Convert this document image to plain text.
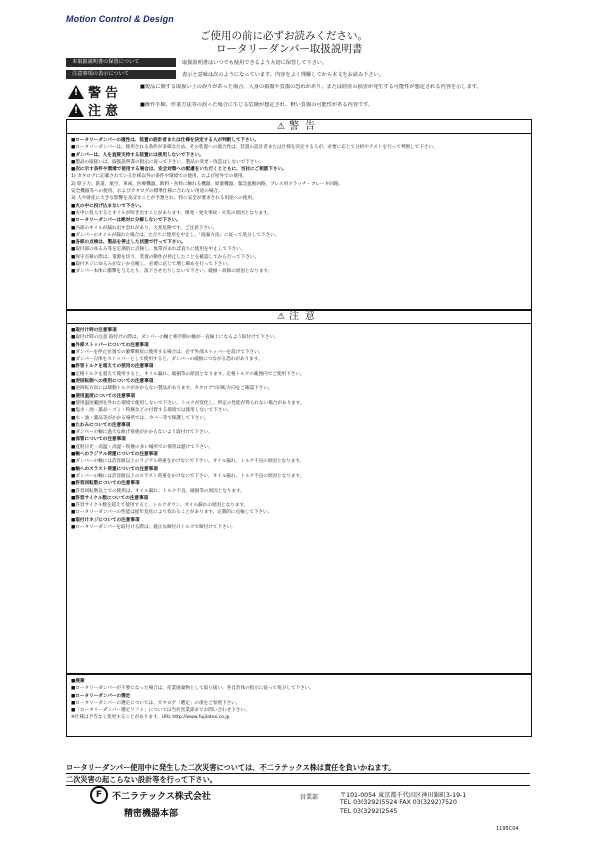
Motion Control & Design
ご使用の前に必ずお読みください。
ロータリーダンパー取扱説明書
本取扱説明書の保管について	取扱説明書はいつでも使用できるよう大切に保管して下さい。
注意事項の表示について	表示と意味は次のようになっています。内容をよく理解してから本文をお読み下さい。
!
警告	■製品に関する取扱い上の誤りがあった場合、人身の損傷や負傷の恐れがあり、または財産の損害が発生する可能性が想定される内容を示します。
!
注意	■操作手順、作業方法等の誤った場合に生じる危険が想定され、軽い負傷の可能性がある内容です。
⚠ 警告
■ロータリーダンパーの適性は、装置の設計者または仕様を決定する人が判断して下さい。
■ロータリーダンパーは、使用される条件が多様なため、その装置への適合性は、装置の設計者または仕様を決定する人が、必要に応じて分析やテストを行って判断して下さい。
■ダンパーは、人を直接支持する装置には使用しないで下さい。
■製品の取扱いは、取扱説明書の指示に従って下さい。製品の変更・改造はしないで下さい。
■次に示す条件や環境で使用する場合は、安全対策への配慮をいただくとともに、当社にご相談下さい。
1) カタログに記載されている仕様以外の条件や環境での使用、および屋外での使用。
2) 原子力、鉄道、航空、車両、医療機器、飲料・食料に触れる機器、娯楽機器、緊急遮断回路、プレス用クラッチ・ブレーキ回路、
安全機器等への使用、およびカタログの標準仕様に合わない用途の場合。
3) 人や財産に大きな影響を及ぼすことが予想され、特に安全が要求される用途への使用。
■火の中に投げ込まないで下さい。
■火中に投入するとオイルが吹き出すことがあります。爆発・発火事故・火災の原因となります。
■ロータリーダンパーは絶対に分解しないで下さい。
■内部のオイルが漏れ出す恐れがあり、大変危険です。ご注意下さい。
■ダンパーのオイルが漏れた場合は、ただちに使用を中止し、「廃棄方法」に従って処分して下さい。
■各部の点検は、製品を停止した状態で行って下さい。
■取付部のゆるみ等を定期的に点検し、異常があれば直ちに使用を中止して下さい。
■保守点検の際は、電源を切り、装置の動作が停止したことを確認してから行って下さい。
■取付ネジにゆるみがないか点検し、必要に応じて増し締めを行って下さい。
■ダンパー本体に衝撃を与えたり、落下させたりしないで下さい。破損・故障の原因となります。
⚠ 注意
■取付け時の注意事項
■取付け時の注意 取付けの際は、ダンパーの軸と相手側の軸が一直線上になるよう取付けて下さい。
■外部ストッパーについての注意事項
■ダンパーを停止位置での衝撃吸収に使用する場合は、必ず外部ストッパーを設けて下さい。
■ダンパー自体をストッパーとして使用すると、ダンパーの破損につながる恐れがあります。
■許容トルクを超えての使用の注意事項
■定格トルクを超えて使用すると、オイル漏れ、破損等の原因となります。定格トルクの範囲内でご使用下さい。
■逆回転側への使用についての注意事項
■逆回転方向には制動トルクがかからない製品があります。カタログで回転方向をご確認下さい。
■使用温度についての注意事項
■使用温度範囲を外れた環境で使用しないで下さい。トルクが変化し、所定の性能が得られない場合があります。
■塩水・油・薬品・ゴミ・粉塵などの付着する環境では使用しないで下さい。
■水・油・薬品等がかかる場所では、カバー等で保護して下さい。
■たわみについての注意事項
■ダンパーの軸に過大な曲げ荷重がかからないよう取付けて下さい。
■保管についての注意事項
■直射日光・高温・高湿・粉塵の多い場所での保管は避けて下さい。
■軸へのラジアル荷重についての注意事項
■ダンパーの軸には許容値以上のラジアル荷重をかけないで下さい。オイル漏れ、トルク不良の原因となります。
■軸へのスラスト荷重についての注意事項
■ダンパーの軸には許容値以上のスラスト荷重をかけないで下さい。オイル漏れ、トルク不良の原因となります。
■許容回転数についての注意事項
■許容回転数以上での使用は、オイル漏れ、トルク不良、破損等の原因となります。
■許容サイクル数についての注意事項
■許容サイクル数を超えて使用すると、トルクダウン、オイル漏れの原因となります。
■ロータリーダンパーの性能は経年変化により変わることがあります。定期的に点検して下さい。
■取付けネジについての注意事項
■ロータリーダンパーを取付ける際は、適正な締付けトルクで締付けて下さい。
■廃棄
■ロータリーダンパーが不要になった場合は、産業廃棄物として取り扱い、各自治体の指示に従って処分して下さい。
■ロータリーダンパーの選定
■ロータリーダンパーの選定については、カタログ「選定」の項をご参照下さい。
■「ロータリーダンパー選定ソフト」については当社営業部までお問い合わせ下さい。
※仕様は予告なく変更することがあります。URL http://www.fujilatex.co.jp
ロータリーダンパー使用中に発生した二次災害については、不二ラテックス株は責任を負いかねます。
二次災害の起こらない設計等を行って下さい。
F	不二ラテックス株式会社
精密機器本部
営業部	〒101-0054 東京都千代田区神田錦町3-19-1
TEL 03(3292)5524 FAX 03(3292)7520
TEL 03(3292)2545
1195C04
